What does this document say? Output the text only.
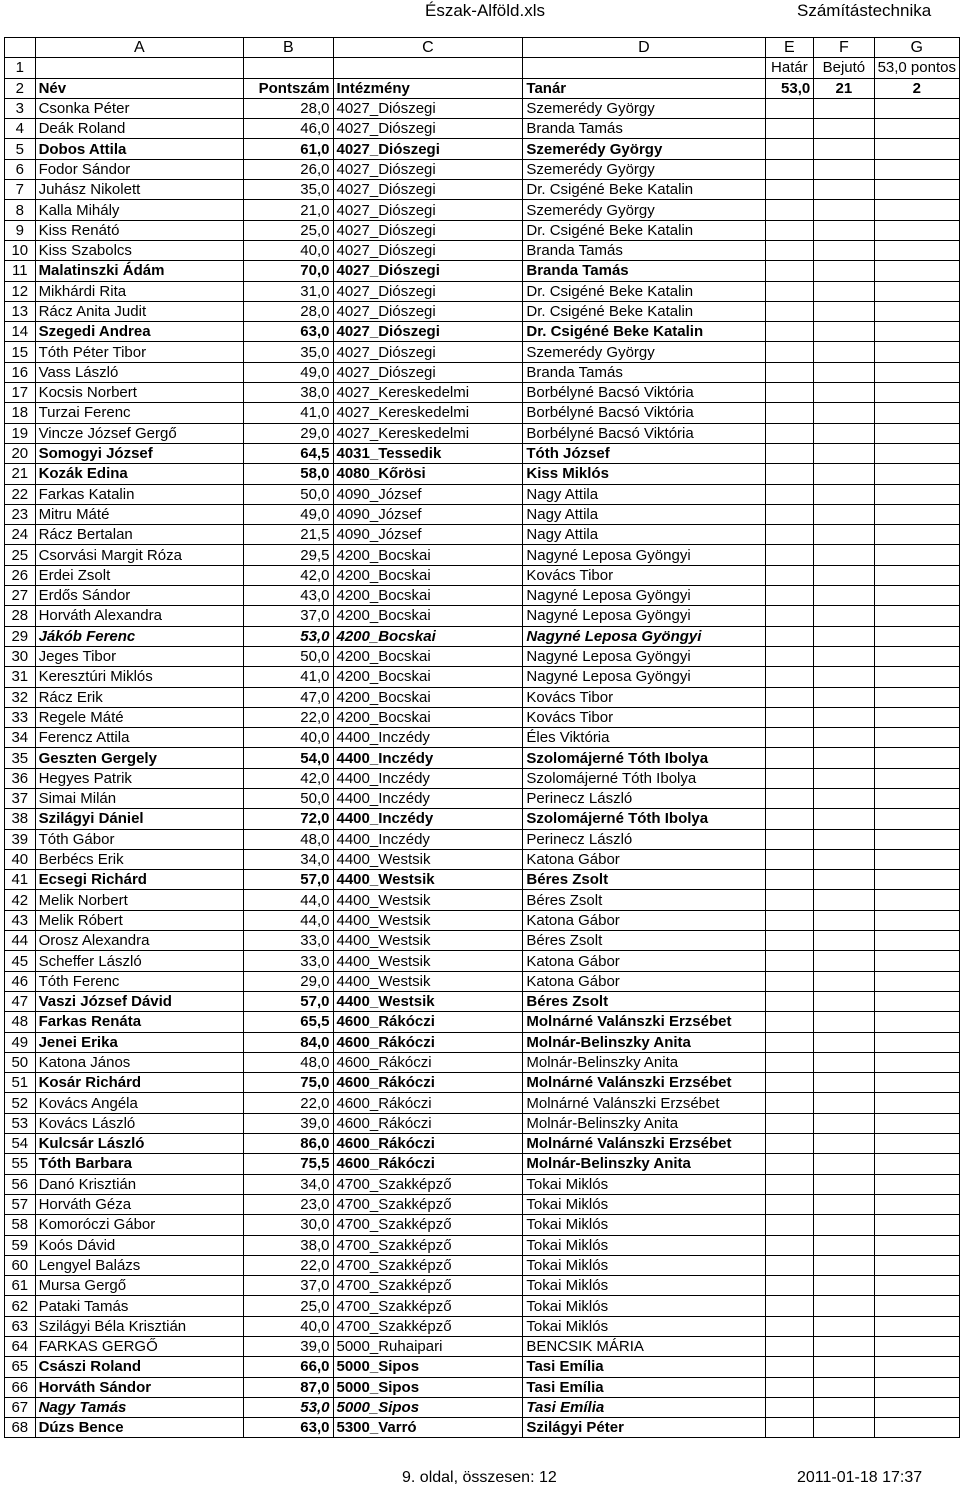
Észak-Alföld.xls	Számítástechnika
	A	B	C	D	E	F	G
1					Határ	Bejutó	53,0 pontos
2	Név	Pontszám	Intézmény	Tanár	53,0	21	2
3	Csonka Péter	28,0	4027_Diószegi	Szemerédy György			
4	Deák Roland	46,0	4027_Diószegi	Branda Tamás			
5	Dobos Attila	61,0	4027_Diószegi	Szemerédy György			
6	Fodor Sándor	26,0	4027_Diószegi	Szemerédy György			
7	Juhász Nikolett	35,0	4027_Diószegi	Dr. Csigéné Beke Katalin			
8	Kalla Mihály	21,0	4027_Diószegi	Szemerédy György			
9	Kiss Renátó	25,0	4027_Diószegi	Dr. Csigéné Beke Katalin			
10	Kiss Szabolcs	40,0	4027_Diószegi	Branda Tamás			
11	Malatinszki Ádám	70,0	4027_Diószegi	Branda Tamás			
12	Mikhárdi Rita	31,0	4027_Diószegi	Dr. Csigéné Beke Katalin			
13	Rácz Anita Judit	28,0	4027_Diószegi	Dr. Csigéné Beke Katalin			
14	Szegedi Andrea	63,0	4027_Diószegi	Dr. Csigéné Beke Katalin			
15	Tóth Péter Tibor	35,0	4027_Diószegi	Szemerédy György			
16	Vass László	49,0	4027_Diószegi	Branda Tamás			
17	Kocsis Norbert	38,0	4027_Kereskedelmi	Borbélyné Bacsó Viktória			
18	Turzai Ferenc	41,0	4027_Kereskedelmi	Borbélyné Bacsó Viktória			
19	Vincze József Gergő	29,0	4027_Kereskedelmi	Borbélyné Bacsó Viktória			
20	Somogyi József	64,5	4031_Tessedik	Tóth József			
21	Kozák Edina	58,0	4080_Kőrösi	Kiss Miklós			
22	Farkas Katalin	50,0	4090_József	Nagy Attila			
23	Mitru Máté	49,0	4090_József	Nagy Attila			
24	Rácz Bertalan	21,5	4090_József	Nagy Attila			
25	Csorvási Margit Róza	29,5	4200_Bocskai	Nagyné Leposa Gyöngyi			
26	Erdei Zsolt	42,0	4200_Bocskai	Kovács Tibor			
27	Erdős Sándor	43,0	4200_Bocskai	Nagyné Leposa Gyöngyi			
28	Horváth Alexandra	37,0	4200_Bocskai	Nagyné Leposa Gyöngyi			
29	Jákób Ferenc	53,0	4200_Bocskai	Nagyné Leposa Gyöngyi			
30	Jeges Tibor	50,0	4200_Bocskai	Nagyné Leposa Gyöngyi			
31	Keresztúri Miklós	41,0	4200_Bocskai	Nagyné Leposa Gyöngyi			
32	Rácz Erik	47,0	4200_Bocskai	Kovács Tibor			
33	Regele Máté	22,0	4200_Bocskai	Kovács Tibor			
34	Ferencz Attila	40,0	4400_Inczédy	Éles Viktória			
35	Geszten Gergely	54,0	4400_Inczédy	Szolomájerné Tóth Ibolya			
36	Hegyes Patrik	42,0	4400_Inczédy	Szolomájerné Tóth Ibolya			
37	Simai Milán	50,0	4400_Inczédy	Perinecz László			
38	Szilágyi Dániel	72,0	4400_Inczédy	Szolomájerné Tóth Ibolya			
39	Tóth Gábor	48,0	4400_Inczédy	Perinecz László			
40	Berbécs Erik	34,0	4400_Westsik	Katona Gábor			
41	Ecsegi Richárd	57,0	4400_Westsik	Béres Zsolt			
42	Melik Norbert	44,0	4400_Westsik	Béres Zsolt			
43	Melik Róbert	44,0	4400_Westsik	Katona Gábor			
44	Orosz Alexandra	33,0	4400_Westsik	Béres Zsolt			
45	Scheffer László	33,0	4400_Westsik	Katona Gábor			
46	Tóth Ferenc	29,0	4400_Westsik	Katona Gábor			
47	Vaszi József Dávid	57,0	4400_Westsik	Béres Zsolt			
48	Farkas Renáta	65,5	4600_Rákóczi	Molnárné Valánszki Erzsébet			
49	Jenei Erika	84,0	4600_Rákóczi	Molnár-Belinszky Anita			
50	Katona János	48,0	4600_Rákóczi	Molnár-Belinszky Anita			
51	Kosár Richárd	75,0	4600_Rákóczi	Molnárné Valánszki Erzsébet			
52	Kovács Angéla	22,0	4600_Rákóczi	Molnárné Valánszki Erzsébet			
53	Kovács László	39,0	4600_Rákóczi	Molnár-Belinszky Anita			
54	Kulcsár László	86,0	4600_Rákóczi	Molnárné Valánszki Erzsébet			
55	Tóth Barbara	75,5	4600_Rákóczi	Molnár-Belinszky Anita			
56	Danó Krisztián	34,0	4700_Szakképző	Tokai Miklós			
57	Horváth Géza	23,0	4700_Szakképző	Tokai Miklós			
58	Komoróczi Gábor	30,0	4700_Szakképző	Tokai Miklós			
59	Koós Dávid	38,0	4700_Szakképző	Tokai Miklós			
60	Lengyel Balázs	22,0	4700_Szakképző	Tokai Miklós			
61	Mursa Gergő	37,0	4700_Szakképző	Tokai Miklós			
62	Pataki Tamás	25,0	4700_Szakképző	Tokai Miklós			
63	Szilágyi Béla Krisztián	40,0	4700_Szakképző	Tokai Miklós			
64	FARKAS GERGŐ	39,0	5000_Ruhaipari	BENCSIK MÁRIA			
65	Császi Roland	66,0	5000_Sipos	Tasi Emília			
66	Horváth Sándor	87,0	5000_Sipos	Tasi Emília			
67	Nagy Tamás	53,0	5000_Sipos	Tasi Emília			
68	Dúzs Bence	63,0	5300_Varró	Szilágyi Péter			
9. oldal, összesen: 12	2011-01-18 17:37
